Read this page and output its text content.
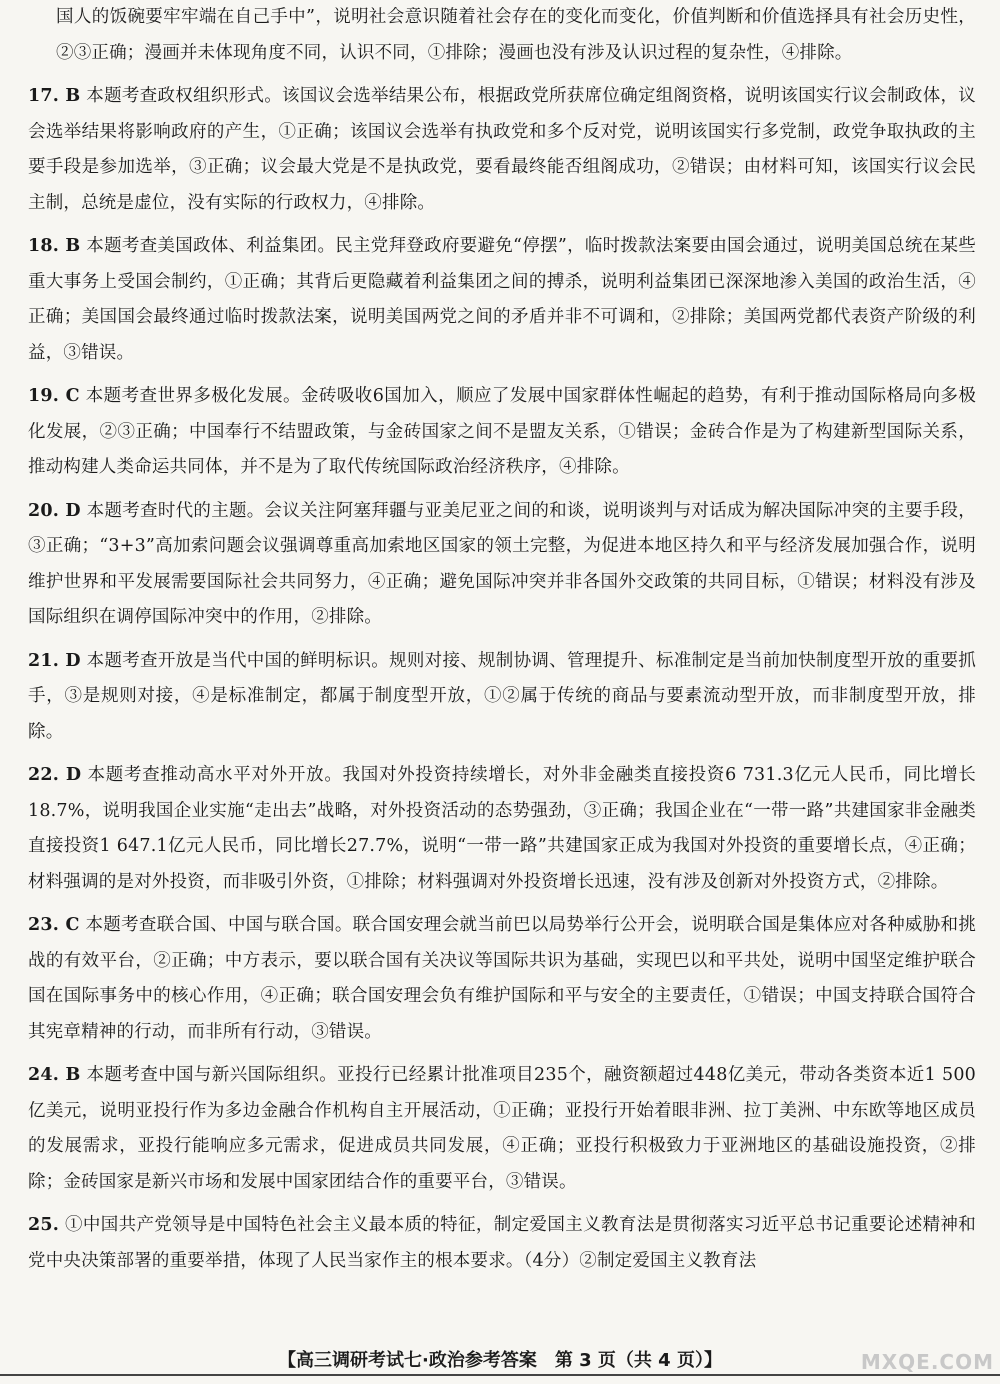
国人的饭碗要牢牢端在自己手中”，说明社会意识随着社会存在的变化而变化，价值判断和价值选择具有社会历史性，②③正确；漫画并未体现角度不同，认识不同，①排除；漫画也没有涉及认识过程的复杂性，④排除。

17. B 本题考查政权组织形式。该国议会选举结果公布，根据政党所获席位确定组阁资格，说明该国实行议会制政体，议会选举结果将影响政府的产生，①正确；该国议会选举有执政党和多个反对党，说明该国实行多党制，政党争取执政的主要手段是参加选举，③正确；议会最大党是不是执政党，要看最终能否组阁成功，②错误；由材料可知，该国实行议会民主制，总统是虚位，没有实际的行政权力，④排除。

18. B 本题考查美国政体、利益集团。民主党拜登政府要避免“停摆”，临时拨款法案要由国会通过，说明美国总统在某些重大事务上受国会制约，①正确；其背后更隐藏着利益集团之间的搏杀，说明利益集团已深深地渗入美国的政治生活，④正确；美国国会最终通过临时拨款法案，说明美国两党之间的矛盾并非不可调和，②排除；美国两党都代表资产阶级的利益，③错误。

19. C 本题考查世界多极化发展。金砖吸收6国加入，顺应了发展中国家群体性崛起的趋势，有利于推动国际格局向多极化发展，②③正确；中国奉行不结盟政策，与金砖国家之间不是盟友关系，①错误；金砖合作是为了构建新型国际关系，推动构建人类命运共同体，并不是为了取代传统国际政治经济秩序，④排除。

20. D 本题考查时代的主题。会议关注阿塞拜疆与亚美尼亚之间的和谈，说明谈判与对话成为解决国际冲突的主要手段，③正确；“3+3”高加索问题会议强调尊重高加索地区国家的领土完整，为促进本地区持久和平与经济发展加强合作，说明维护世界和平发展需要国际社会共同努力，④正确；避免国际冲突并非各国外交政策的共同目标，①错误；材料没有涉及国际组织在调停国际冲突中的作用，②排除。

21. D 本题考查开放是当代中国的鲜明标识。规则对接、规制协调、管理提升、标准制定是当前加快制度型开放的重要抓手，③是规则对接，④是标准制定，都属于制度型开放，①②属于传统的商品与要素流动型开放，而非制度型开放，排除。

22. D 本题考查推动高水平对外开放。我国对外投资持续增长，对外非金融类直接投资6 731.3亿元人民币，同比增长18.7%，说明我国企业实施“走出去”战略，对外投资活动的态势强劲，③正确；我国企业在“一带一路”共建国家非金融类直接投资1 647.1亿元人民币，同比增长27.7%，说明“一带一路”共建国家正成为我国对外投资的重要增长点，④正确；材料强调的是对外投资，而非吸引外资，①排除；材料强调对外投资增长迅速，没有涉及创新对外投资方式，②排除。

23. C 本题考查联合国、中国与联合国。联合国安理会就当前巴以局势举行公开会，说明联合国是集体应对各种威胁和挑战的有效平台，②正确；中方表示，要以联合国有关决议等国际共识为基础，实现巴以和平共处，说明中国坚定维护联合国在国际事务中的核心作用，④正确；联合国安理会负有维护国际和平与安全的主要责任，①错误；中国支持联合国符合其宪章精神的行动，而非所有行动，③错误。

24. B 本题考查中国与新兴国际组织。亚投行已经累计批准项目235个，融资额超过448亿美元，带动各类资本近1 500亿美元，说明亚投行作为多边金融合作机构自主开展活动，①正确；亚投行开始着眼非洲、拉丁美洲、中东欧等地区成员的发展需求，亚投行能响应多元需求，促进成员共同发展，④正确；亚投行积极致力于亚洲地区的基础设施投资，②排除；金砖国家是新兴市场和发展中国家团结合作的重要平台，③错误。

25. ①中国共产党领导是中国特色社会主义最本质的特征，制定爱国主义教育法是贯彻落实习近平总书记重要论述精神和党中央决策部署的重要举措，体现了人民当家作主的根本要求。（4分）②制定爱国主义教育法

【高三调研考试七·政治参考答案　第 3 页（共 4 页）】	MXQE.COM
